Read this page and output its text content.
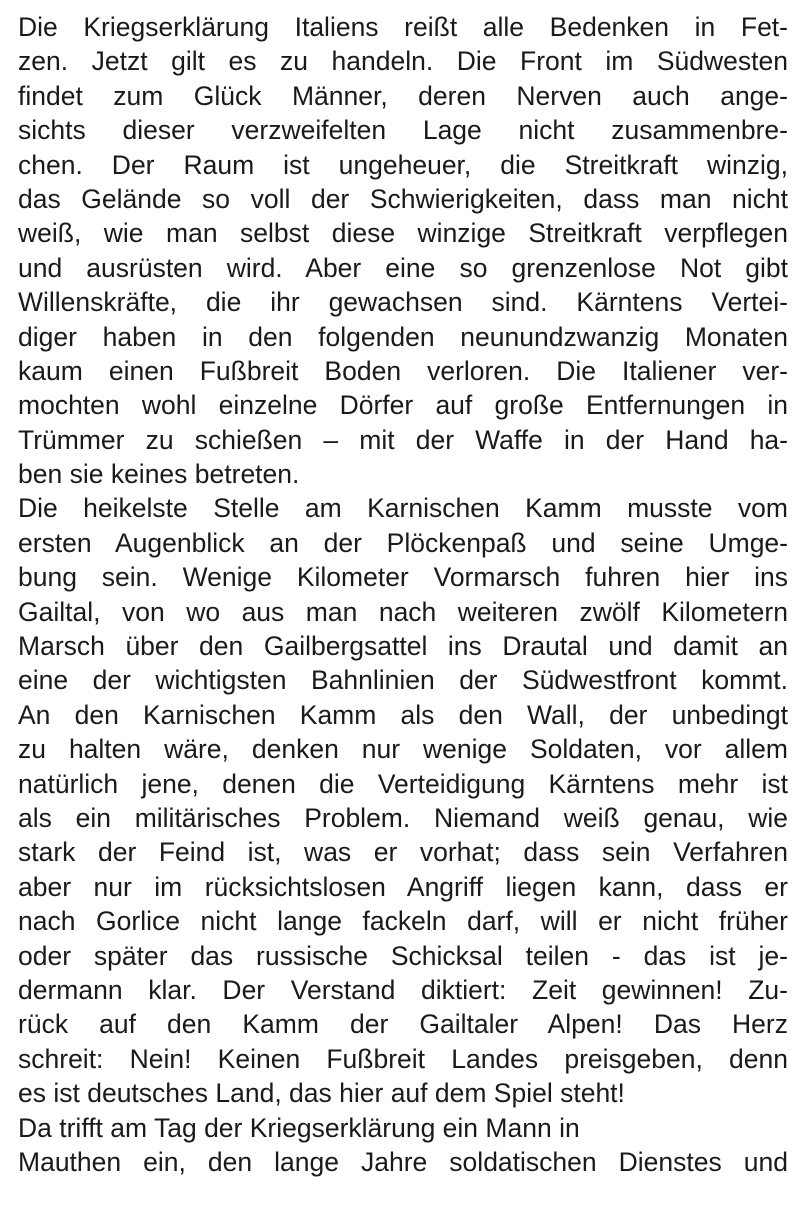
Die Kriegserklärung Italiens reißt alle Bedenken in Fet-
zen. Jetzt gilt es zu handeln. Die Front im Südwesten
findet zum Glück Männer, deren Nerven auch ange-
sichts dieser verzweifelten Lage nicht zusammenbre-
chen. Der Raum ist ungeheuer, die Streitkraft winzig,
das Gelände so voll der Schwierigkeiten, dass man nicht
weiß, wie man selbst diese winzige Streitkraft verpflegen
und ausrüsten wird. Aber eine so grenzenlose Not gibt
Willenskräfte, die ihr gewachsen sind. Kärntens Vertei-
diger haben in den folgenden neunundzwanzig Monaten
kaum einen Fußbreit Boden verloren. Die Italiener ver-
mochten wohl einzelne Dörfer auf große Entfernungen in
Trümmer zu schießen – mit der Waffe in der Hand ha-
ben sie keines betreten.
Die heikelste Stelle am Karnischen Kamm musste vom
ersten Augenblick an der Plöckenpaß und seine Umge-
bung sein. Wenige Kilometer Vormarsch fuhren hier ins
Gailtal, von wo aus man nach weiteren zwölf Kilometern
Marsch über den Gailbergsattel ins Drautal und damit an
eine der wichtigsten Bahnlinien der Südwestfront kommt.
An den Karnischen Kamm als den Wall, der unbedingt
zu halten wäre, denken nur wenige Soldaten, vor allem
natürlich jene, denen die Verteidigung Kärntens mehr ist
als ein militärisches Problem. Niemand weiß genau, wie
stark der Feind ist, was er vorhat; dass sein Verfahren
aber nur im rücksichtslosen Angriff liegen kann, dass er
nach Gorlice nicht lange fackeln darf, will er nicht früher
oder später das russische Schicksal teilen - das ist je-
dermann klar. Der Verstand diktiert: Zeit gewinnen! Zu-
rück auf den Kamm der Gailtaler Alpen! Das Herz
schreit: Nein! Keinen Fußbreit Landes preisgeben, denn
es ist deutsches Land, das hier auf dem Spiel steht!
Da trifft am Tag der Kriegserklärung ein Mann in
Mauthen ein, den lange Jahre soldatischen Dienstes und
